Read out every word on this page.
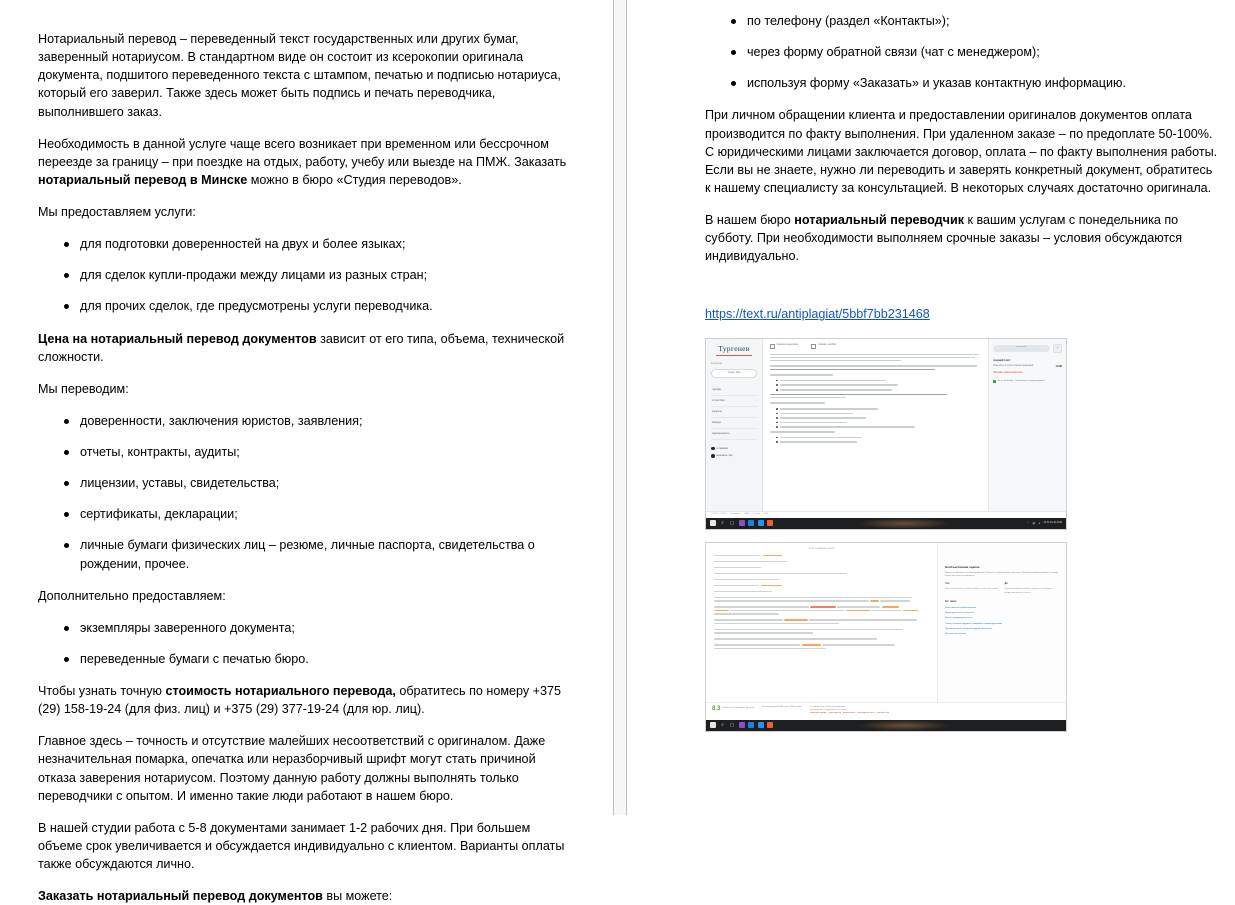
Нотариальный перевод – переведенный текст государственных или других бумаг, заверенный нотариусом. В стандартном виде он состоит из ксерокопии оригинала документа, подшитого переведенного текста с штампом, печатью и подписью нотариуса, который его заверил. Также здесь может быть подпись и печать переводчика, выполнившего заказ.

Необходимость в данной услуге чаще всего возникает при временном или бессрочном переезде за границу – при поездке на отдых, работу, учебу или выезде на ПМЖ. Заказать нотариальный перевод в Минске можно в бюро «Студия переводов».

Мы предоставляем услуги:

для подготовки доверенностей на двух и более языках;
для сделок купли-продажи между лицами из разных стран;
для прочих сделок, где предусмотрены услуги переводчика.

Цена на нотариальный перевод документов зависит от его типа, объема, технической сложности.

Мы переводим:

доверенности, заключения юристов, заявления;
отчеты, контракты, аудиты;
лицензии, уставы, свидетельства;
сертификаты, декларации;
личные бумаги физических лиц – резюме, личные паспорта, свидетельства о рождении, прочее.

Дополнительно предоставляем:

экземпляры заверенного документа;
переведенные бумаги с печатью бюро.

Чтобы узнать точную стоимость нотариального перевода, обратитесь по номеру +375 (29) 158-19-24 (для физ. лиц) и +375 (29) 377-19-24 (для юр. лиц).

Главное здесь – точность и отсутствие малейших несоответствий с оригиналом. Даже незначительная помарка, опечатка или неразборчивый шрифт могут стать причиной отказа заверения нотариусом. Поэтому данную работу должны выполнять только переводчики с опытом. И именно такие люди работают в нашем бюро.

В нашей студии работа с 5-8 документами занимает 1-2 рабочих дня. При большем объеме срок увеличивается и обсуждается индивидуально с клиентом. Варианты оплаты также обсуждаются лично.

Заказать нотариальный перевод документов вы можете:

по телефону (раздел «Контакты»);
через форму обратной связи (чат с менеджером);
используя форму «Заказать» и указав контактную информацию.

При личном обращении клиента и предоставлении оригиналов документов оплата производится по факту выполнения. При удаленном заказе – по предоплате 50-100%. С юридическими лицами заключается договор, оплата – по факту выполнения работы. Если вы не знаете, нужно ли переводить и заверять конкретный документ, обратитесь к нашему специалисту за консультацией. В некоторых случаях достаточно оригинала.

В нашем бюро нотариальный переводчик к вашим услугам с понедельника по субботу. При необходимости выполняем срочные заказы – условия обсуждаются индивидуально.

https://text.ru/antiplagiat/5bbf7bb231468
Тургенев
вошли как
логин / Имя
тарифы
статистика	›
запросы
выводы
задолженность
о сервисе
контакты / api
показать выделение	показать ошибки
проверить	⎙
текущий текст
Опасность стилистических признаков	10.98
Показать характеристики
Есть проблемы · Возможные отредактировать
© 2017 – 2018 Символов: 3944 Слова: 568
⌕	▢	⌃ ▤ ◂ 12:40 01.10.2018
отчет о проверке текста
Необъективная оценка
Можно ли доказать эту оценку фактом? Или же то предлагаемое реально? Человек-человек говорил и оценку, после она легко не раскрыта.
Что:
Ваш контент может соответствовать в качестве отзыва
Да:
Помогли развитию отзыва, текущее и стандарты профессиональные тексты
См. также:
Качественная прилагательные
Редактура текста в плагиате
Вести в продающем тексте
Слова, которые нарушают ожидание тонкими деталями
Прилагательные, которые создают нечеткость
Для простого отзыва
8.3 Оценка по 10 по шкале Тургенев
88 совершенной 3944 слов / 2002 знаков	Ст. стилистика: Основные проблемы:
канцеляриты · нарушительность стиля
излишний шрифт · нецензурные · феминитивы · неопределенность · лишние слог
⌕	▢
